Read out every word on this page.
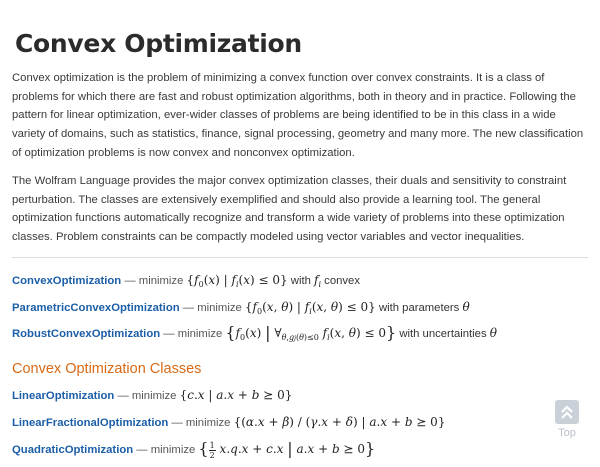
Convex Optimization

Convex optimization is the problem of minimizing a convex function over convex constraints. It is a class of problems for which there are fast and robust optimization algorithms, both in theory and in practice. Following the pattern for linear optimization, ever-wider classes of problems are being identified to be in this class in a wide variety of domains, such as statistics, finance, signal processing, geometry and many more. The new classification of optimization problems is now convex and nonconvex optimization.

The Wolfram Language provides the major convex optimization classes, their duals and sensitivity to constraint perturbation. The classes are extensively exemplified and should also provide a learning tool. The general optimization functions automatically recognize and transform a wide variety of problems into these optimization classes. Problem constraints can be compactly modeled using vector variables and vector inequalities.

ConvexOptimization — minimize {$f_0(x)$ | $f_i(x) \le 0$} with $f_i$ convex
ParametricConvexOptimization — minimize {$f_0(x$, θ) | $f_i(x$, θ) ≤ 0} with parameters θ
RobustConvexOptimization — minimize {$f_0(x)$ | $\forall_{\theta,gj(\theta)\le 0}$ $f_i(x$, θ) ≤ 0} with uncertainties θ
Convex Optimization Classes
LinearOptimization — minimize {c.x | a.x + b ⪰ 0}
LinearFractionalOptimization — minimize {(α.x + β) / (γ.x + δ) | a.x + b ⪰ 0}
QuadraticOptimization — minimize { $\frac{1}{2} x.q.x + c.x$ | a.x + b ⪰ 0}
Top
